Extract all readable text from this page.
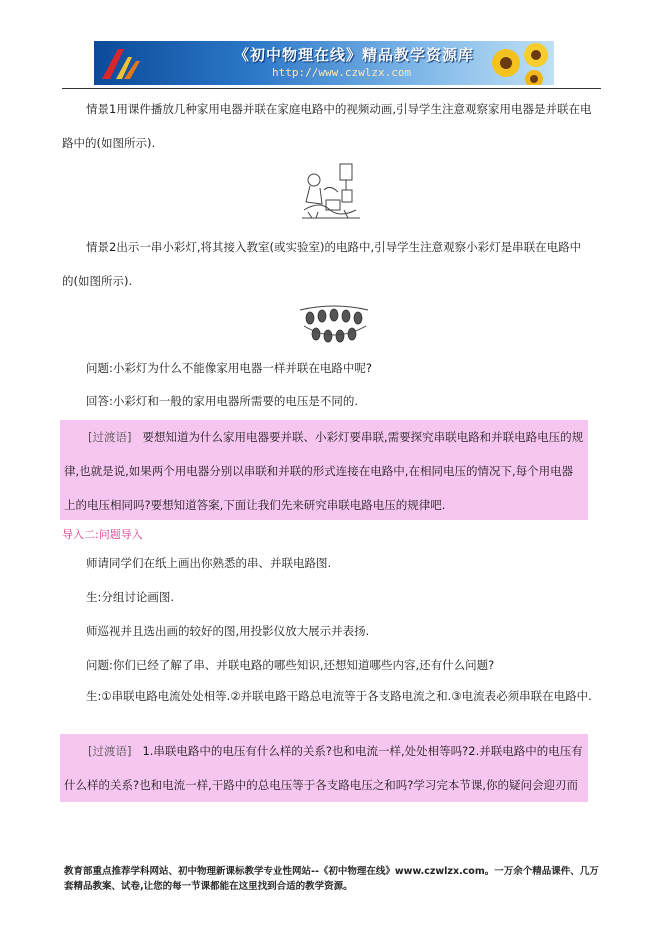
《初中物理在线》精品教学资源库
http://www.czwlzx.com

情景1用课件播放几种家用电器并联在家庭电路中的视频动画,引导学生注意观察家用电器是并联在电路中的(如图所示).

情景2出示一串小彩灯,将其接入教室(或实验室)的电路中,引导学生注意观察小彩灯是串联在电路中的(如图所示).

问题:小彩灯为什么不能像家用电器一样并联在电路中呢?

回答:小彩灯和一般的家用电器所需要的电压是不同的.

[过渡语] 要想知道为什么家用电器要并联、小彩灯要串联,需要探究串联电路和并联电路电压的规律,也就是说,如果两个用电器分别以串联和并联的形式连接在电路中,在相同电压的情况下,每个用电器上的电压相同吗?要想知道答案,下面让我们先来研究串联电路电压的规律吧.

导入二:问题导入

师请同学们在纸上画出你熟悉的串、并联电路图.

生:分组讨论画图.

师巡视并且选出画的较好的图,用投影仪放大展示并表扬.

问题:你们已经了解了串、并联电路的哪些知识,还想知道哪些内容,还有什么问题?

生:①串联电路电流处处相等.②并联电路干路总电流等于各支路电流之和.③电流表必须串联在电路中.

[过渡语] 1.串联电路中的电压有什么样的关系?也和电流一样,处处相等吗?2.并联电路中的电压有什么样的关系?也和电流一样,干路中的总电压等于各支路电压之和吗?学习完本节课,你的疑问会迎刃而

教育部重点推荐学科网站、初中物理新课标教学专业性网站--《初中物理在线》www.czwlzx.com。一万余个精品课件、几万套精品教案、试卷,让您的每一节课都能在这里找到合适的教学资源。
